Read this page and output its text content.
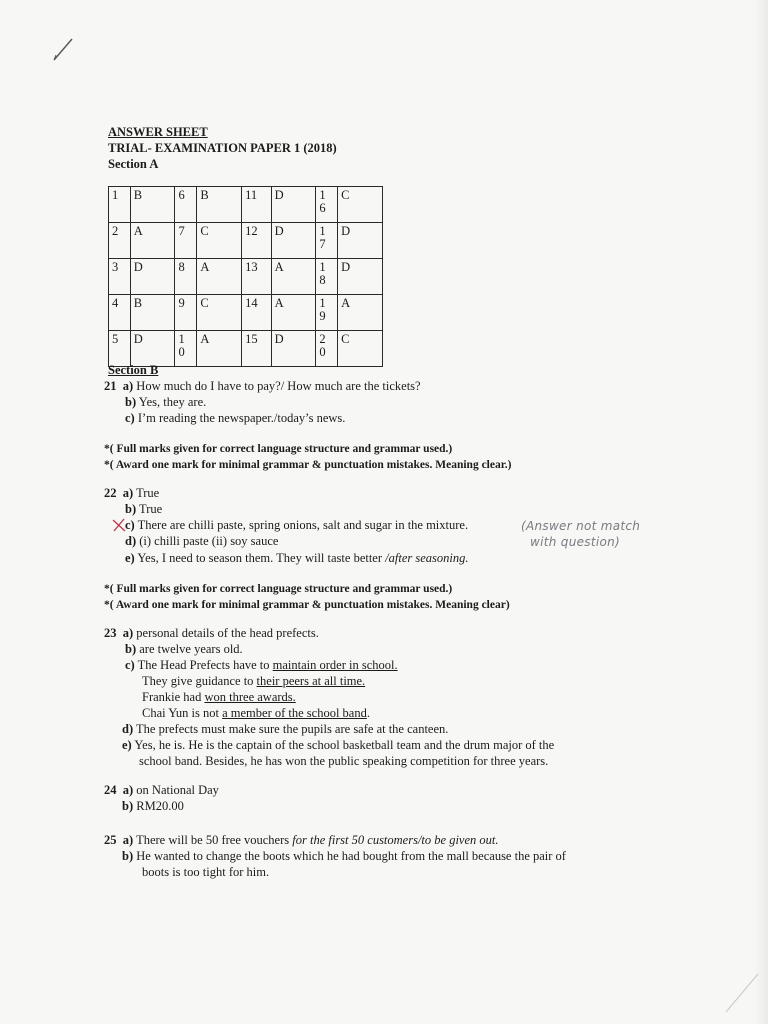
ANSWER SHEET
TRIAL- EXAMINATION PAPER 1 (2018)
Section A
1	B	6	B	11	D	16	C
2	A	7	C	12	D	17	D
3	D	8	A	13	A	18	D
4	B	9	C	14	A	19	A
5	D	10	A	15	D	20	C
Section B
21 a) How much do I have to pay?/ How much are the tickets?
b) Yes, they are.
c) I’m reading the newspaper./today’s news.
*( Full marks given for correct language structure and grammar used.)
*( Award one mark for minimal grammar & punctuation mistakes. Meaning clear.)
22 a) True
b) True
c) There are chilli paste, spring onions, salt and sugar in the mixture.	(Answer not match
with question)
d) (i) chilli paste (ii) soy sauce
e) Yes, I need to season them. They will taste better /after seasoning.
*( Full marks given for correct language structure and grammar used.)
*( Award one mark for minimal grammar & punctuation mistakes. Meaning clear)
23 a) personal details of the head prefects.
b) are twelve years old.
c) The Head Prefects have to maintain order in school.
They give guidance to their peers at all time.
Frankie had won three awards.
Chai Yun is not a member of the school band.
d) The prefects must make sure the pupils are safe at the canteen.
e) Yes, he is. He is the captain of the school basketball team and the drum major of the
school band. Besides, he has won the public speaking competition for three years.
24 a) on National Day
b) RM20.00
25 a) There will be 50 free vouchers for the first 50 customers/to be given out.
b) He wanted to change the boots which he had bought from the mall because the pair of
boots is too tight for him.
